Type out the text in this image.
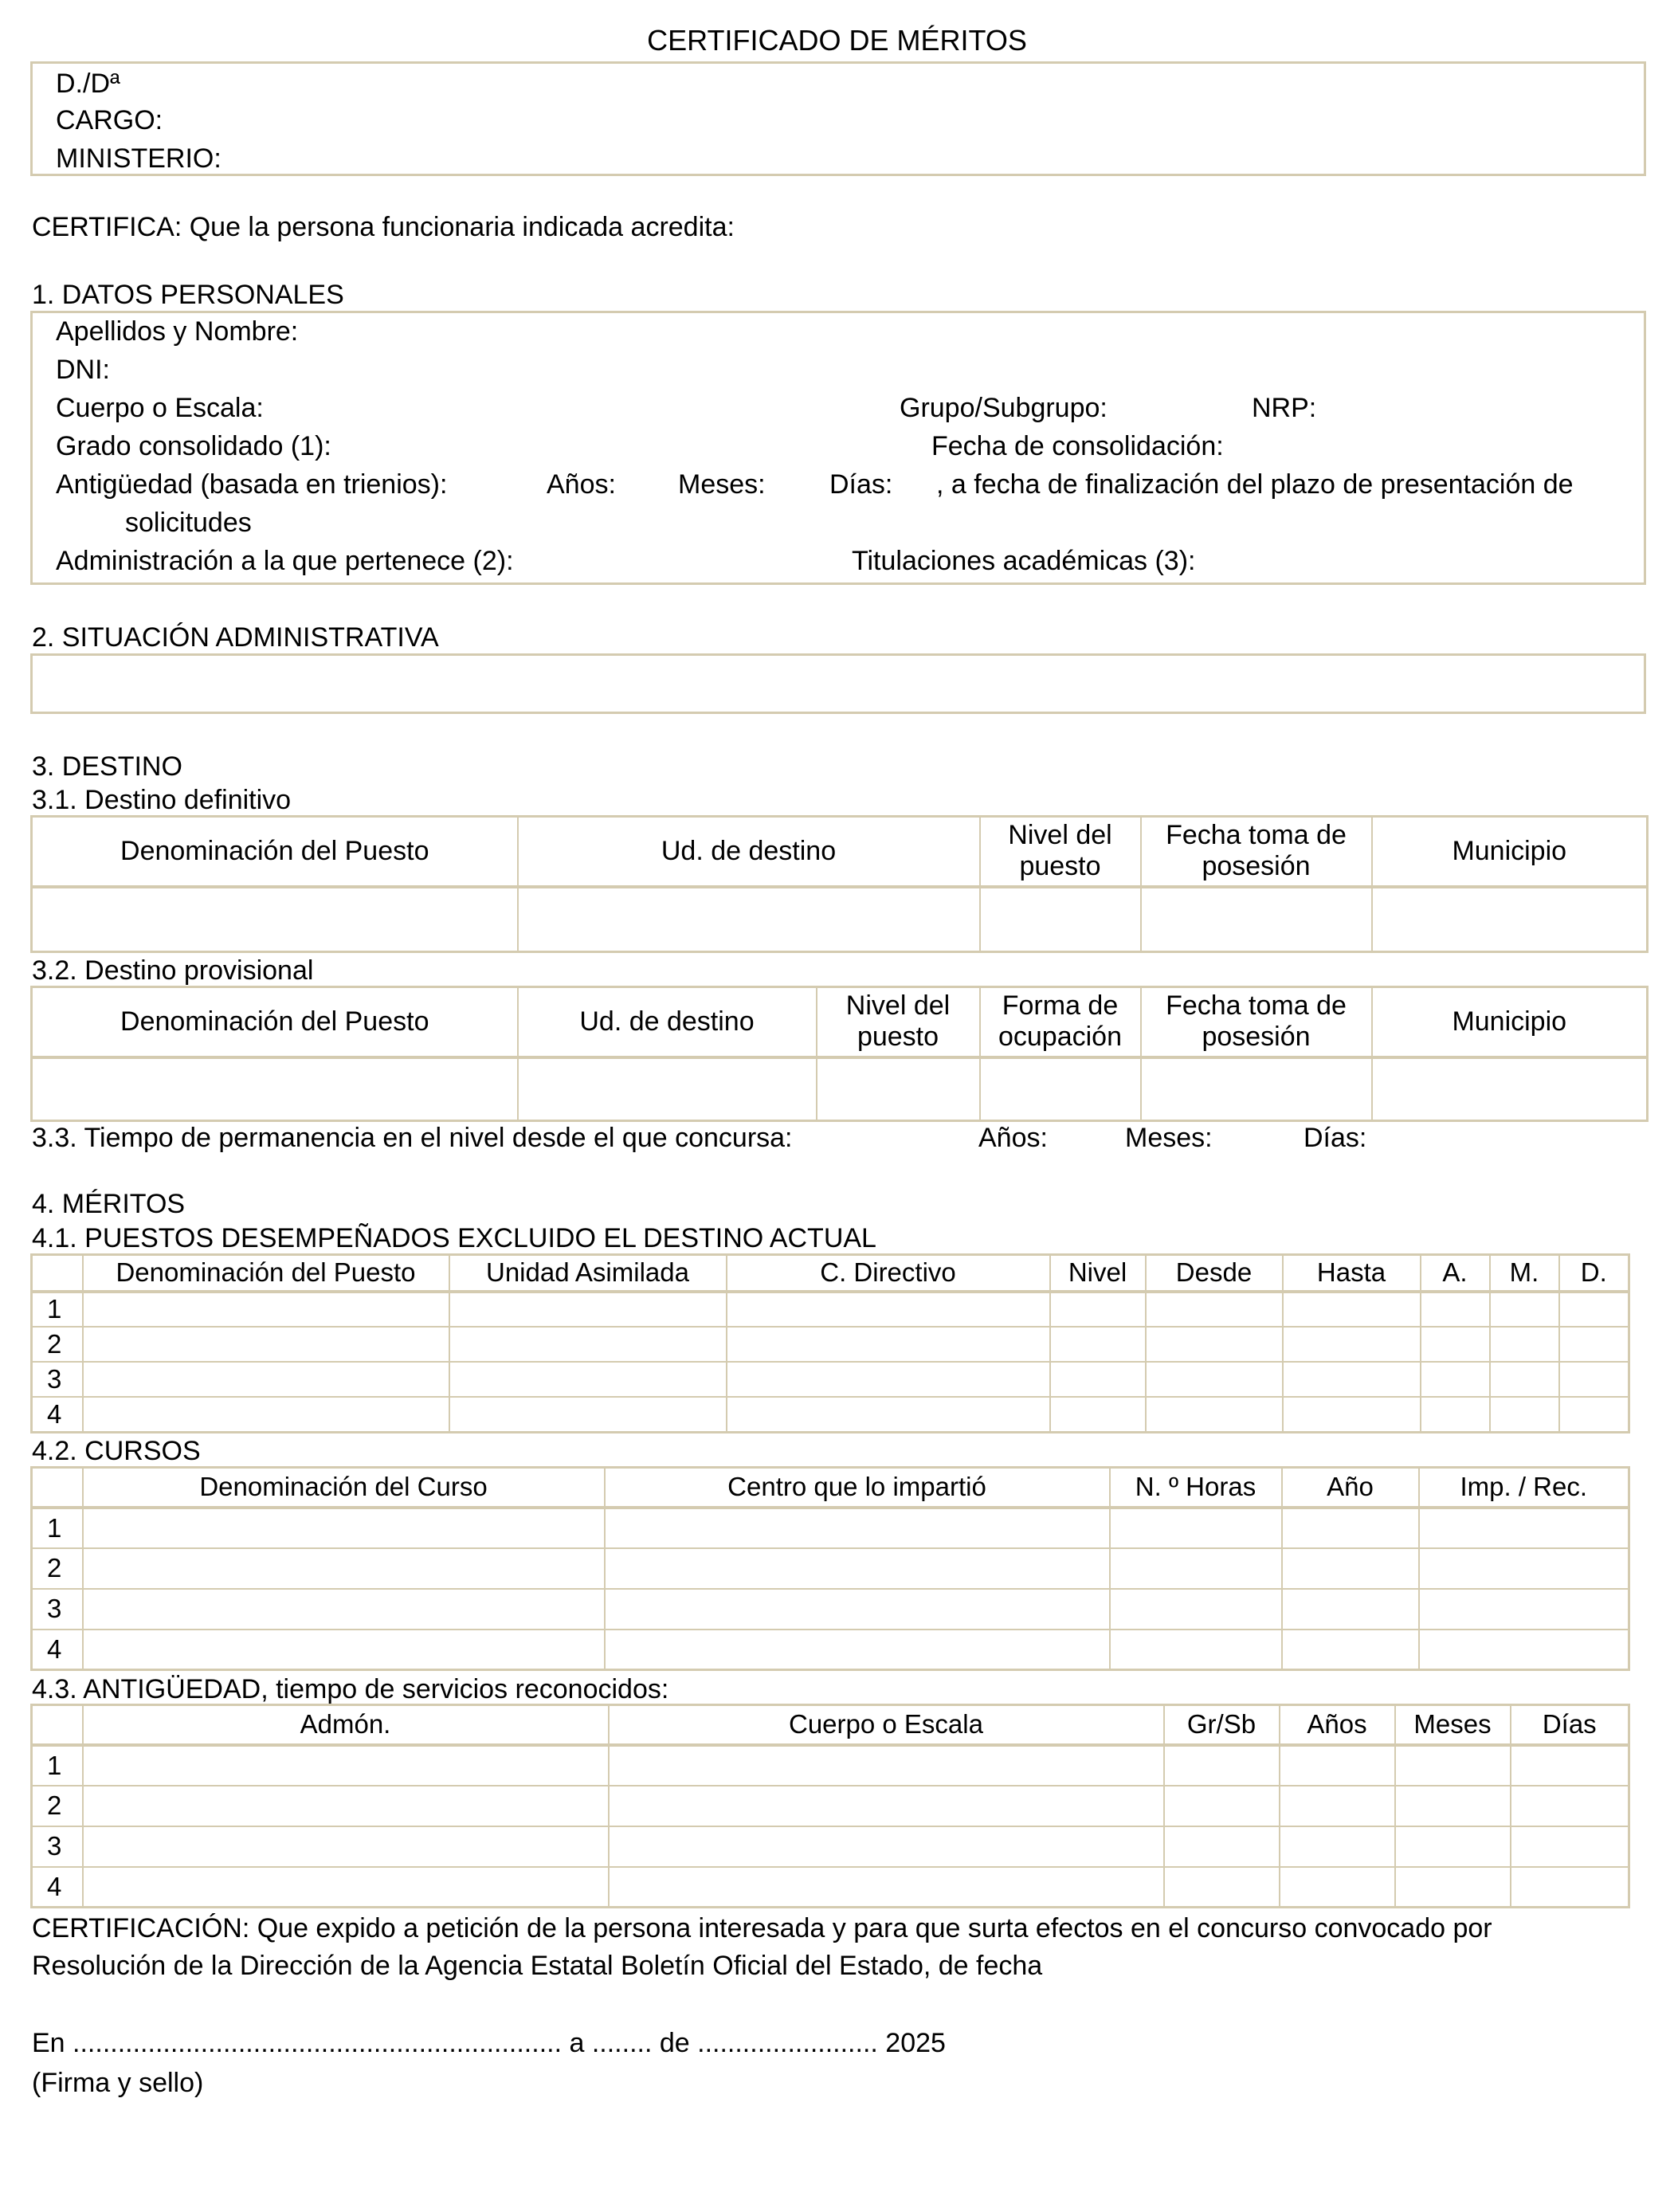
CERTIFICADO DE MÉRITOS
D./Dª
CARGO:
MINISTERIO:
CERTIFICA: Que la persona funcionaria indicada acredita:
1. DATOS PERSONALES
Apellidos y Nombre:
DNI:
Cuerpo o Escala:	Grupo/Subgrupo:	NRP:
Grado consolidado (1):	Fecha de consolidación:
Antigüedad (basada en trienios):	Años: Meses: Días: , a fecha de finalización del plazo de presentación de
solicitudes
Administración a la que pertenece (2):	Titulaciones académicas (3):
2. SITUACIÓN ADMINISTRATIVA
3. DESTINO
3.1. Destino definitivo
Denominación del Puesto	Ud. de destino	Nivel del puesto	Fecha toma de posesión	Municipio

3.2. Destino provisional
Denominación del Puesto	Ud. de destino	Nivel del puesto	Forma de ocupación	Fecha toma de posesión	Municipio

3.3. Tiempo de permanencia en el nivel desde el que concursa:	Años:	Meses:	Días:
4. MÉRITOS
4.1. PUESTOS DESEMPEÑADOS EXCLUIDO EL DESTINO ACTUAL
	Denominación del Puesto	Unidad Asimilada	C. Directivo	Nivel	Desde	Hasta	A.	M.	D.
1									
2									
3									
4									
4.2. CURSOS
	Denominación del Curso	Centro que lo impartió	N. º Horas	Año	Imp. / Rec.
1					
2					
3					
4					
4.3. ANTIGÜEDAD, tiempo de servicios reconocidos:
	Admón.	Cuerpo o Escala	Gr/Sb	Años	Meses	Días
1						
2						
3						
4						
CERTIFICACIÓN: Que expido a petición de la persona interesada y para que surta efectos en el concurso convocado por
Resolución de la Dirección de la Agencia Estatal Boletín Oficial del Estado, de fecha
En ................................................................. a ........ de ........................ 2025
(Firma y sello)
